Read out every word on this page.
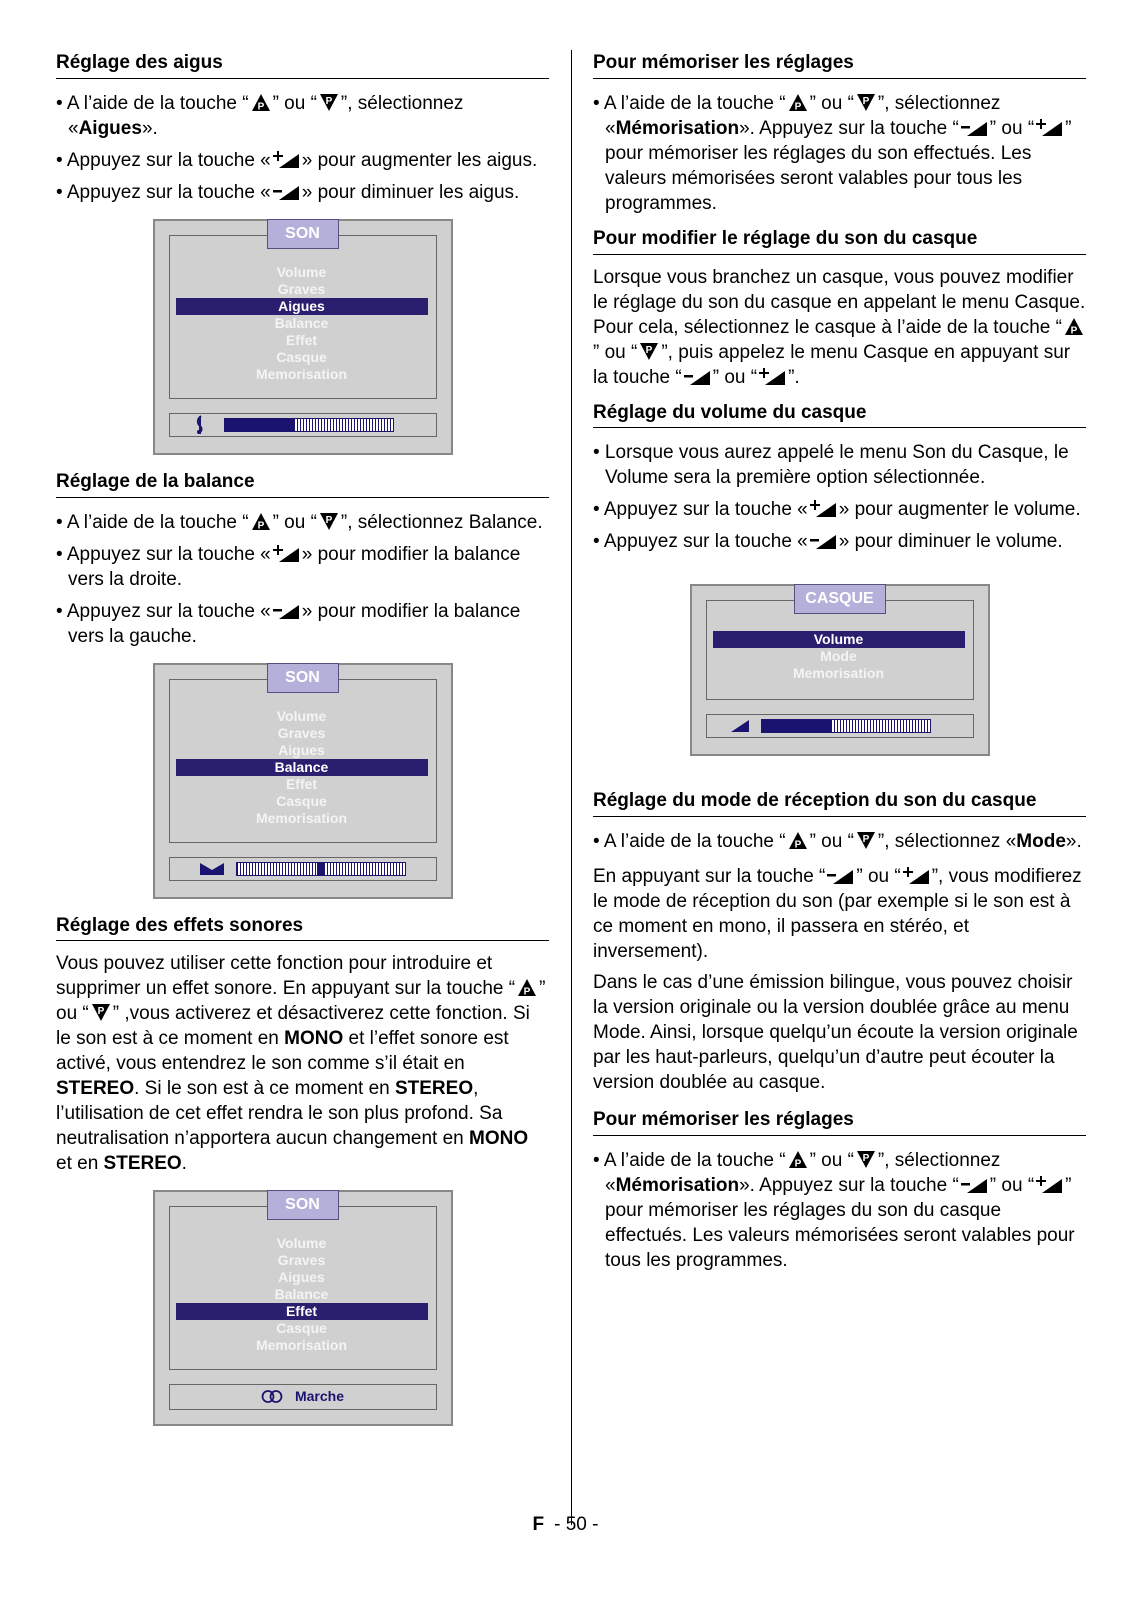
Réglage des aigus

• A l’aide de la touche “ ” ou “ ”, sélectionnez «Aigues».

• Appuyez sur la touche « » pour augmenter les aigus.

• Appuyez sur la touche « » pour diminuer les aigus.

SON
Volume
Graves
Aigues
Balance
Effet
Casque
Memorisation
Réglage de la balance

• A l’aide de la touche “ ” ou “ ”, sélectionnez Balance.

• Appuyez sur la touche « » pour modifier la balance vers la droite.

• Appuyez sur la touche « » pour modifier la balance vers la gauche.

SON
Volume
Graves
Aigues
Balance
Effet
Casque
Memorisation
Réglage des effets sonores

Vous pouvez utiliser cette fonction pour introduire et supprimer un effet sonore. En appuyant sur la touche “ ” ou “ ” ,vous activerez et désactiverez cette fonction. Si le son est à ce moment en MONO et l’effet sonore est activé, vous entendrez le son comme s’il était en STEREO. Si le son est à ce moment en STEREO, l’utilisation de cet effet rendra le son plus profond. Sa neutralisation n’apportera aucun changement en MONO et en STEREO.

SON
Volume
Graves
Aigues
Balance
Effet
Casque
Memorisation
Marche
Pour mémoriser les réglages

• A l’aide de la touche “ ” ou “ ”, sélectionnez «Mémorisation». Appuyez sur la touche “ ” ou “ ” pour mémoriser les réglages du son effectués. Les valeurs mémorisées seront valables pour tous les programmes.

Pour modifier le réglage du son du casque

Lorsque vous branchez un casque, vous pouvez modifier le réglage du son du casque en appelant le menu Casque. Pour cela, sélectionnez le casque à l’aide de la touche “” ou “ ”, puis appelez le menu Casque en appuyant sur la touche “ ” ou “ ”.

Réglage du volume du casque

• Lorsque vous aurez appelé le menu Son du Casque, le Volume sera la première option sélectionnée.

• Appuyez sur la touche « » pour augmenter le volume.

• Appuyez sur la touche « » pour diminuer le volume.

CASQUE
Volume
Mode
Memorisation
Réglage du mode de réception du son du casque

• A l’aide de la touche “ ” ou “ ”, sélectionnez «Mode».

En appuyant sur la touche “ ” ou “ ”, vous modifierez le mode de réception du son (par exemple si le son est à ce moment en mono, il passera en stéréo, et inversement).

Dans le cas d’une émission bilingue, vous pouvez choisir la version originale ou la version doublée grâce au menu Mode. Ainsi, lorsque quelqu’un écoute la version originale par les haut-parleurs, quelqu’un d’autre peut écouter la version doublée au casque.

Pour mémoriser les réglages

• A l’aide de la touche “ ” ou “ ”, sélectionnez «Mémorisation». Appuyez sur la touche “ ” ou “ ” pour mémoriser les réglages du son du casque effectués. Les valeurs mémorisées seront valables pour tous les programmes.

F - 50 -
